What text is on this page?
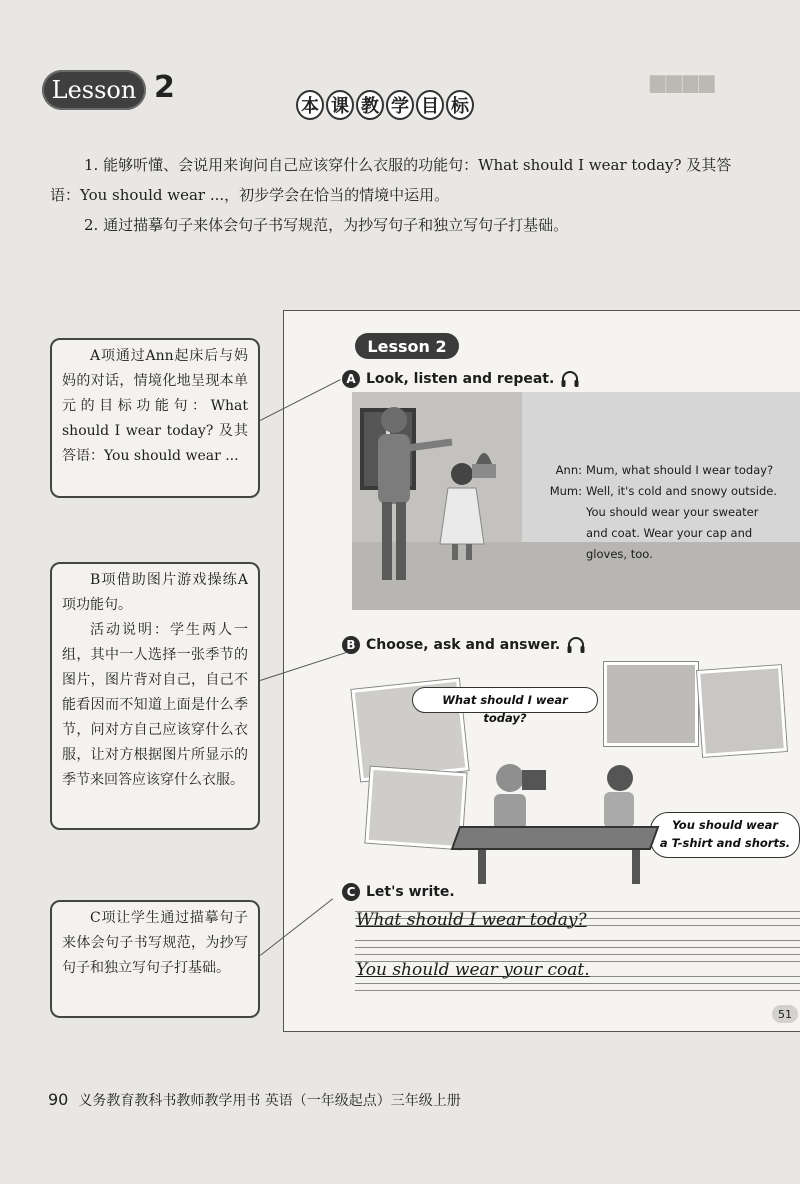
▆▆▆▆
Lesson 2
本 课 教 学 目 标

1. 能够听懂、会说用来询问自己应该穿什么衣服的功能句：What should I wear today? 及其答语：You should wear ...，初步学会在恰当的情境中运用。

2. 通过描摹句子来体会句子书写规范，为抄写句子和独立写句子打基础。

Lesson 2
A Look, listen and repeat.
Ann: Mum, what should I wear today?
Mum: Well, it's cold and snowy outside.
You should wear your sweater
and coat. Wear your cap and
gloves, too.
B Choose, ask and answer.
What should I wear today?
You should wear
a T-shirt and shorts.
C Let's write.
What should I wear today?
You should wear your coat.
51

A项通过Ann起床后与妈妈的对话，情境化地呈现本单元的目标功能句：What should I wear today? 及其答语：You should wear ...

B项借助图片游戏操练A项功能句。

活动说明：学生两人一组，其中一人选择一张季节的图片，图片背对自己，自己不能看因而不知道上面是什么季节，问对方自己应该穿什么衣服，让对方根据图片所显示的季节来回答应该穿什么衣服。

C项让学生通过描摹句子来体会句子书写规范，为抄写句子和独立写句子打基础。

90 义务教育教科书教师教学用书 英语（一年级起点）三年级上册
